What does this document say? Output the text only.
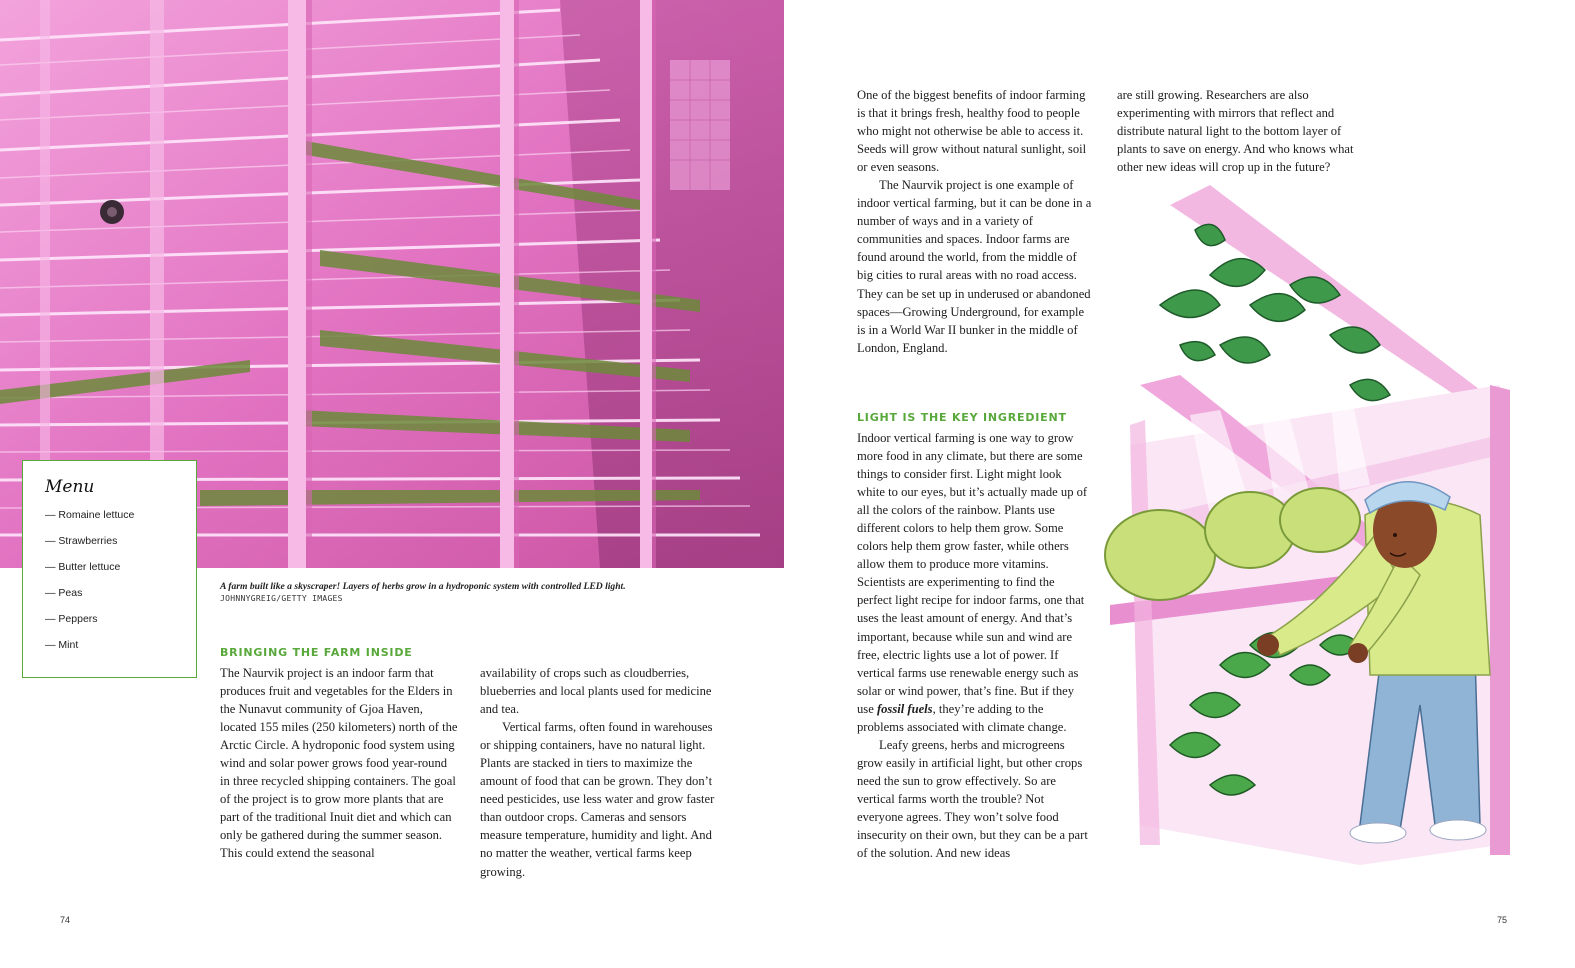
A farm built like a skyscraper! Layers of herbs grow in a hydroponic system with controlled LED light.
JOHNNYGREIG/GETTY IMAGES
Menu
— Romaine lettuce
— Strawberries
— Butter lettuce
— Peas
— Peppers
— Mint
BRINGING THE FARM INSIDE

The Naurvik project is an indoor farm that produces fruit and vegetables for the Elders in the Nunavut community of Gjoa Haven, located 155 miles (250 kilometers) north of the Arctic Circle. A hydroponic food system using wind and solar power grows food year-round in three recycled shipping containers. The goal of the project is to grow more plants that are part of the traditional Inuit diet and which can only be gathered during the summer season. This could extend the seasonal

availability of crops such as cloudberries, blueberries and local plants used for medicine and tea.

Vertical farms, often found in warehouses or shipping containers, have no natural light. Plants are stacked in tiers to maximize the amount of food that can be grown. They don’t need pesticides, use less water and grow faster than outdoor crops. Cameras and sensors measure temperature, humidity and light. And no matter the weather, vertical farms keep growing.

74

One of the biggest benefits of indoor farming is that it brings fresh, healthy food to people who might not otherwise be able to access it. Seeds will grow without natural sunlight, soil or even seasons.

The Naurvik project is one example of indoor vertical farming, but it can be done in a number of ways and in a variety of communities and spaces. Indoor farms are found around the world, from the middle of big cities to rural areas with no road access. They can be set up in underused or abandoned spaces—Growing Underground, for example is in a World War II bunker in the middle of London, England.

LIGHT IS THE KEY INGREDIENT

Indoor vertical farming is one way to grow more food in any climate, but there are some things to consider first. Light might look white to our eyes, but it’s actually made up of all the colors of the rainbow. Plants use different colors to help them grow. Some colors help them grow faster, while others allow them to produce more vitamins. Scientists are experimenting to find the perfect light recipe for indoor farms, one that uses the least amount of energy. And that’s important, because while sun and wind are free, electric lights use a lot of power. If vertical farms use renewable energy such as solar or wind power, that’s fine. But if they use fossil fuels, they’re adding to the problems associated with climate change.

Leafy greens, herbs and microgreens grow easily in artificial light, but other crops need the sun to grow effectively. So are vertical farms worth the trouble? Not everyone agrees. They won’t solve food insecurity on their own, but they can be a part of the solution. And new ideas

are still growing. Researchers are also experimenting with mirrors that reflect and distribute natural light to the bottom layer of plants to save on energy. And who knows what other new ideas will crop up in the future?

75
